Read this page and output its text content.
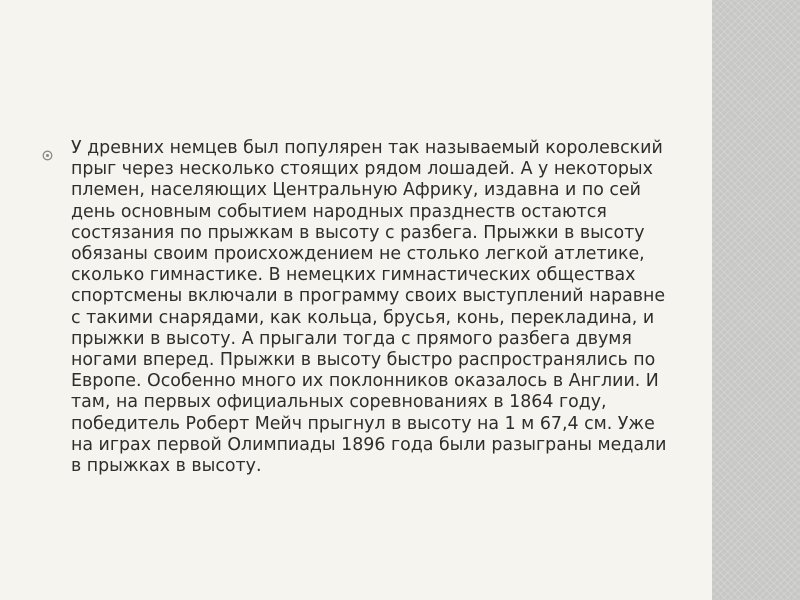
У древних немцев был популярен так называемый королевский прыг через несколько стоящих рядом лошадей. А у некоторых племен, населяющих Центральную Африку, издавна и по сей день основным событием народных празднеств остаются состязания по прыжкам в высоту с разбега. Прыжки в высоту обязаны своим происхождением не столько легкой атлетике, сколько гимнастике. В немецких гимнастических обществах спортсмены включали в программу своих выступлений наравне с такими снарядами, как кольца, брусья, конь, перекладина, и прыжки в высоту. А прыгали тогда с прямого разбега двумя ногами вперед. Прыжки в высоту быстро распространялись по Европе. Особенно много их поклонников оказалось в Англии. И там, на первых официальных соревнованиях в 1864 году, победитель Роберт Мейч прыгнул в высоту на 1 м 67,4 см. Уже на играх первой Олимпиады 1896 года были разыграны медали в прыжках в высоту.
